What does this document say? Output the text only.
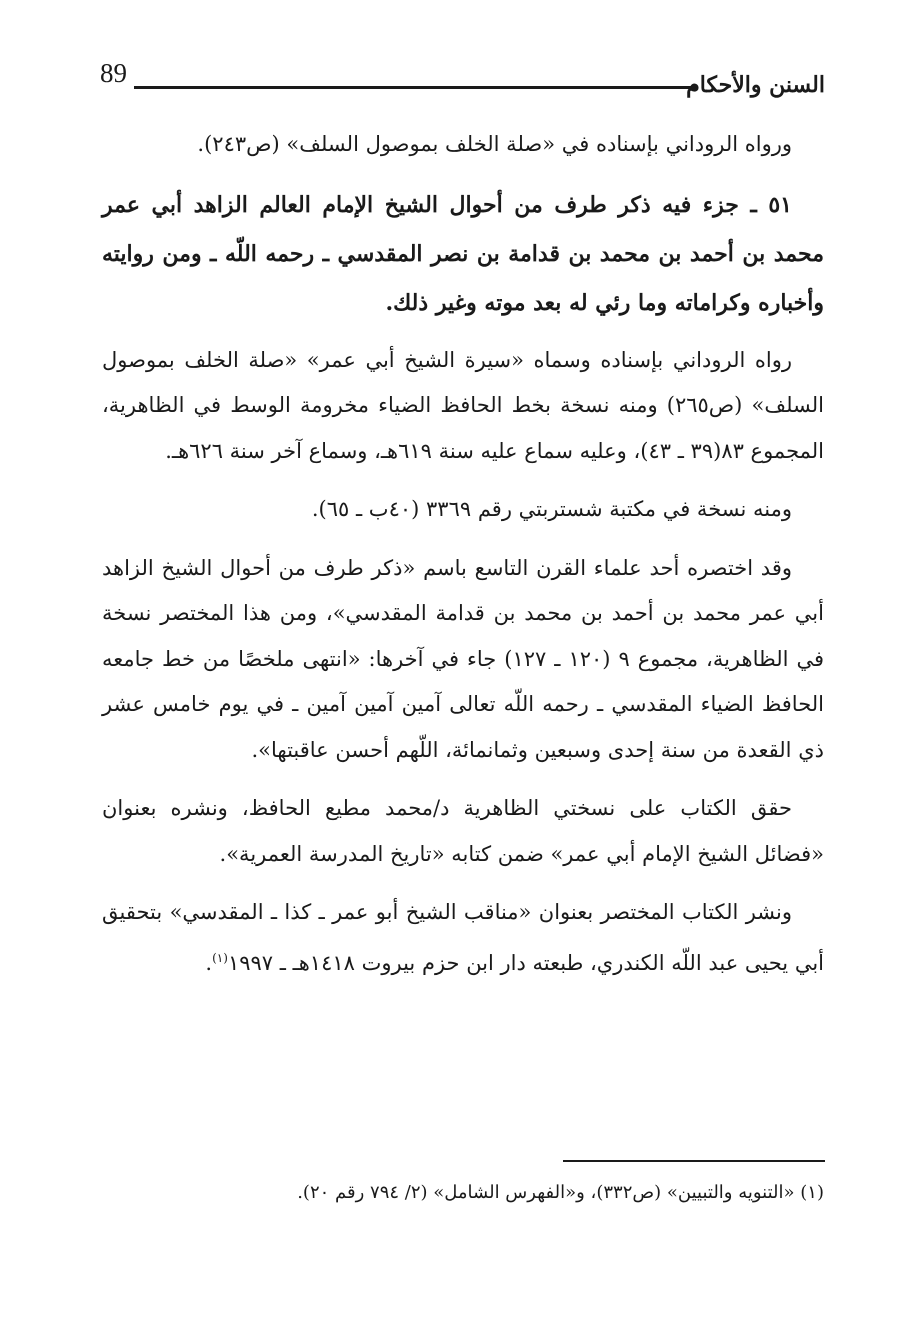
89	السنن والأحكام

ورواه الروداني بإسناده في «صلة الخلف بموصول السلف» (ص٢٤٣).

٥١ ـ جزء فيه ذكر طرف من أحوال الشيخ الإمام العالم الزاهد أبي عمر محمد بن أحمد بن محمد بن قدامة بن نصر المقدسي ـ رحمه اللّه ـ ومن روايته وأخباره وكراماته وما رئي له بعد موته وغير ذلك.

رواه الروداني بإسناده وسماه «سيرة الشيخ أبي عمر» «صلة الخلف بموصول السلف» (ص٢٦٥) ومنه نسخة بخط الحافظ الضياء مخرومة الوسط في الظاهرية، المجموع ٨٣(٣٩ ـ ٤٣)، وعليه سماع عليه سنة ٦١٩هـ، وسماع آخر سنة ٦٢٦هـ.

ومنه نسخة في مكتبة شستربتي رقم ٣٣٦٩ (٤٠ب ـ ٦٥).

وقد اختصره أحد علماء القرن التاسع باسم «ذكر طرف من أحوال الشيخ الزاهد أبي عمر محمد بن أحمد بن محمد بن قدامة المقدسي»، ومن هذا المختصر نسخة في الظاهرية، مجموع ٩ (١٢٠ ـ ١٢٧) جاء في آخرها: «انتهى ملخصًا من خط جامعه الحافظ الضياء المقدسي ـ رحمه اللّه تعالى آمين آمين آمين ـ في يوم خامس عشر ذي القعدة من سنة إحدى وسبعين وثمانمائة، اللّهم أحسن عاقبتها».

حقق الكتاب على نسختي الظاهرية د/محمد مطيع الحافظ، ونشره بعنوان «فضائل الشيخ الإمام أبي عمر» ضمن كتابه «تاريخ المدرسة العمرية».

ونشر الكتاب المختصر بعنوان «مناقب الشيخ أبو عمر ـ كذا ـ المقدسي» بتحقيق أبي يحيى عبد اللّه الكندري، طبعته دار ابن حزم بيروت ١٤١٨هـ ـ ١٩٩٧$^{(١)}$.

(١) «التنويه والتبيين» (ص٣٣٢)، و«الفهرس الشامل» (٢/ ٧٩٤ رقم ٢٠).
